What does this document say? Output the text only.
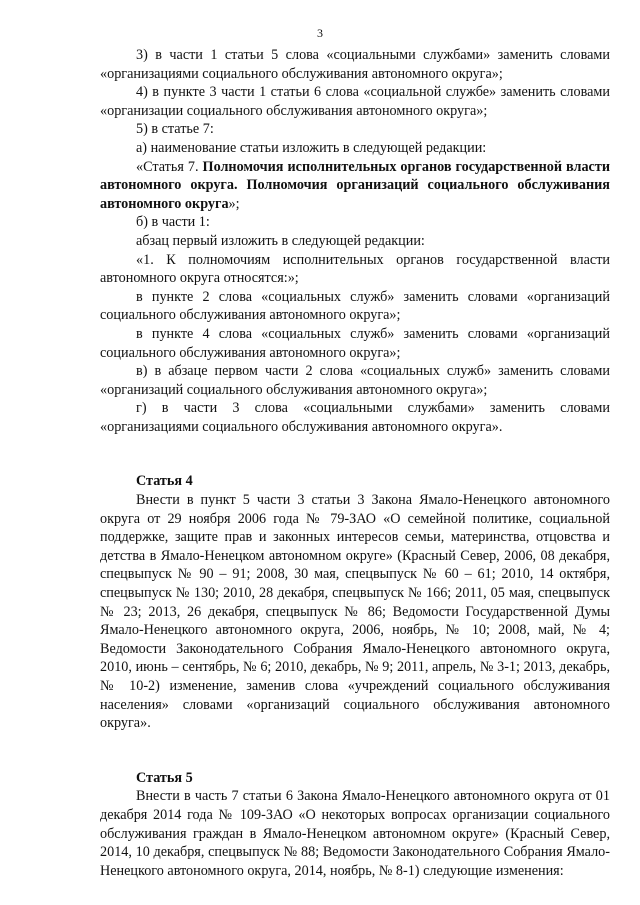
3

3) в части 1 статьи 5 слова «социальными службами» заменить словами «организациями социального обслуживания автономного округа»;

4) в пункте 3 части 1 статьи 6 слова «социальной службе» заменить словами «организации социального обслуживания автономного округа»;

5) в статье 7:

а) наименование статьи изложить в следующей редакции:

«Статья 7. Полномочия исполнительных органов государственной власти автономного округа. Полномочия организаций социального обслуживания автономного округа»;

б) в части 1:

абзац первый изложить в следующей редакции:

«1. К полномочиям исполнительных органов государственной власти автономного округа относятся:»;

в пункте 2 слова «социальных служб» заменить словами «организаций социального обслуживания автономного округа»;

в пункте 4 слова «социальных служб» заменить словами «организаций социального обслуживания автономного округа»;

в) в абзаце первом части 2 слова «социальных служб» заменить словами «организаций социального обслуживания автономного округа»;

г) в части 3 слова «социальными службами» заменить словами «организациями социального обслуживания автономного округа».

Статья 4

Внести в пункт 5 части 3 статьи 3 Закона Ямало-Ненецкого автономного округа от 29 ноября 2006 года № 79-ЗАО «О семейной политике, социальной поддержке, защите прав и законных интересов семьи, материнства, отцовства и детства в Ямало-Ненецком автономном округе» (Красный Север, 2006, 08 декабря, спецвыпуск № 90 – 91; 2008, 30 мая, спецвыпуск № 60 – 61; 2010, 14 октября, спецвыпуск № 130; 2010, 28 декабря, спецвыпуск № 166; 2011, 05 мая, спецвыпуск № 23; 2013, 26 декабря, спецвыпуск № 86; Ведомости Государственной Думы Ямало-Ненецкого автономного округа, 2006, ноябрь, № 10; 2008, май, № 4; Ведомости Законодательного Собрания Ямало-Ненецкого автономного округа, 2010, июнь – сентябрь, № 6; 2010, декабрь, № 9; 2011, апрель, № 3-1; 2013, декабрь, № 10-2) изменение, заменив слова «учреждений социального обслуживания населения» словами «организаций социального обслуживания автономного округа».

Статья 5

Внести в часть 7 статьи 6 Закона Ямало-Ненецкого автономного округа от 01 декабря 2014 года № 109-ЗАО «О некоторых вопросах организации социального обслуживания граждан в Ямало-Ненецком автономном округе» (Красный Север, 2014, 10 декабря, спецвыпуск № 88; Ведомости Законодательного Собрания Ямало-Ненецкого автономного округа, 2014, ноябрь, № 8-1) следующие изменения:
